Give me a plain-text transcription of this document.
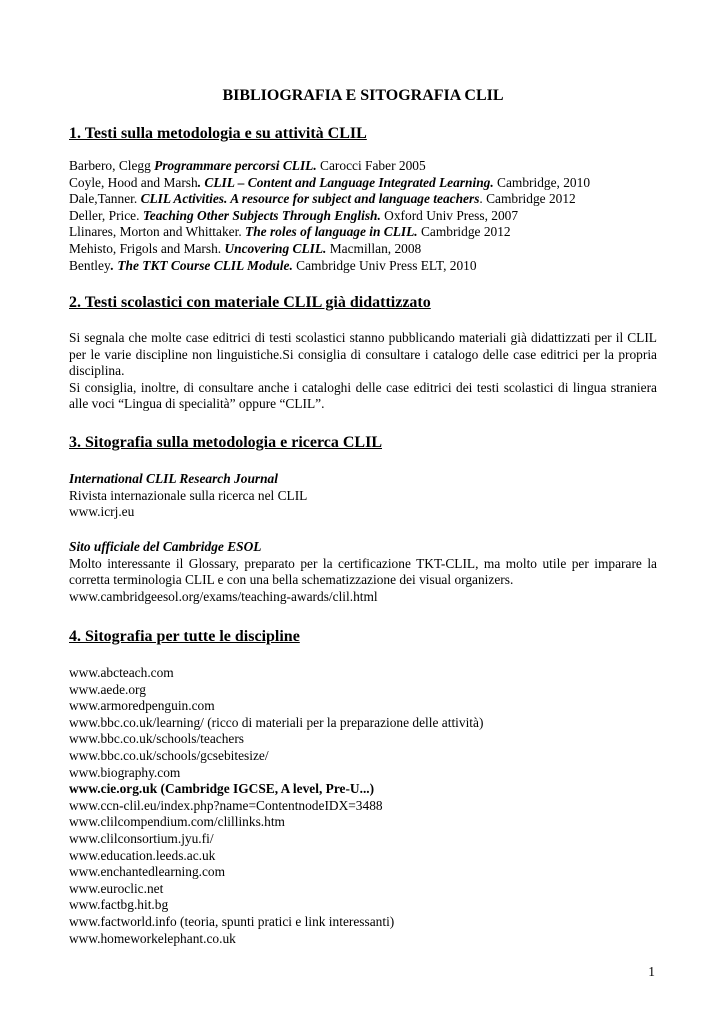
BIBLIOGRAFIA E SITOGRAFIA CLIL
1. Testi sulla metodologia e su attività CLIL
Barbero, Clegg Programmare percorsi CLIL. Carocci Faber 2005
Coyle, Hood and Marsh. CLIL – Content and Language Integrated Learning. Cambridge, 2010
Dale,Tanner. CLIL Activities. A resource for subject and language teachers. Cambridge 2012
Deller, Price. Teaching Other Subjects Through English. Oxford Univ Press, 2007
Llinares, Morton and Whittaker. The roles of language in CLIL. Cambridge 2012
Mehisto, Frigols and Marsh. Uncovering CLIL. Macmillan, 2008
Bentley. The TKT Course CLIL Module. Cambridge Univ Press ELT, 2010
2. Testi scolastici con materiale CLIL già didattizzato
Si segnala che molte case editrici di testi scolastici stanno pubblicando materiali già didattizzati per il CLIL per le varie discipline non linguistiche.Si consiglia di consultare i catalogo delle case editrici per la propria disciplina.
Si consiglia, inoltre, di consultare anche i cataloghi delle case editrici dei testi scolastici di lingua straniera alle voci “Lingua di specialità” oppure “CLIL”.
3. Sitografia sulla metodologia e ricerca CLIL
International CLIL Research Journal
Rivista internazionale sulla ricerca nel CLIL
www.icrj.eu
Sito ufficiale del Cambridge ESOL
Molto interessante il Glossary, preparato per la certificazione TKT-CLIL, ma molto utile per imparare la corretta terminologia CLIL e con una bella schematizzazione dei visual organizers.
www.cambridgeesol.org/exams/teaching-awards/clil.html
4. Sitografia per tutte le discipline
www.abcteach.com
www.aede.org
www.armoredpenguin.com
www.bbc.co.uk/learning/ (ricco di materiali per la preparazione delle attività)
www.bbc.co.uk/schools/teachers
www.bbc.co.uk/schools/gcsebitesize/
www.biography.com
www.cie.org.uk (Cambridge IGCSE, A level, Pre-U...)
www.ccn-clil.eu/index.php?name=ContentnodeIDX=3488
www.clilcompendium.com/clillinks.htm
www.clilconsortium.jyu.fi/
www.education.leeds.ac.uk
www.enchantedlearning.com
www.euroclic.net
www.factbg.hit.bg
www.factworld.info (teoria, spunti pratici e link interessanti)
www.homeworkelephant.co.uk
1
